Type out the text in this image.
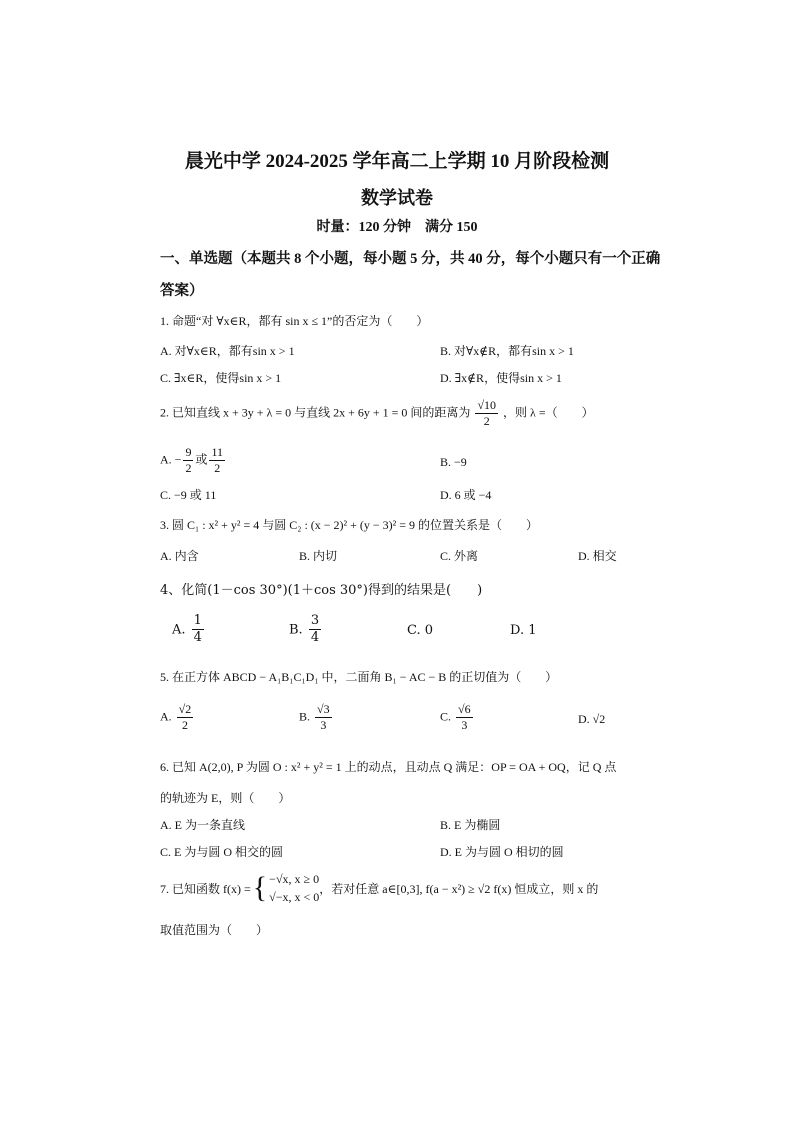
晨光中学 2024-2025 学年高二上学期 10 月阶段检测
数学试卷
时量：120 分钟　满分 150
一、单选题（本题共 8 个小题，每小题 5 分，共 40 分，每个小题只有一个正确
答案）
1. 命题“对 ∀x∈R，都有 sin x ≤ 1”的否定为（　　）
A. 对∀x∈R，都有sin x > 1	B. 对∀x∉R，都有sin x > 1
C. ∃x∈R，使得sin x > 1	D. ∃x∉R，使得sin x > 1
2. 已知直线 x + 3y + λ = 0 与直线 2x + 6y + 1 = 0 间的距离为 $\frac{√10}{2}$ ，则 λ =（　　）
A. − $\frac{9}{2}$ 或 $\frac{11}{2}$	B. −9
C. −9 或 11	D. 6 或 −4
3. 圆 C₁ : x² + y² = 4 与圆 C₂ : (x − 2)² + (y − 3)² = 9 的位置关系是（　　）
A. 内含	B. 内切	C. 外离	D. 相交
4、化简(1－cos 30°)(1＋cos 30°)得到的结果是(　　)
A. $\frac{1}{4}$	B. $\frac{3}{4}$	C. 0	D. 1
5. 在正方体 ABCD − A₁B₁C₁D₁ 中，二面角 B₁ − AC − B 的正切值为（　　）
A. $\frac{√2}{2}$	B. $\frac{√3}{3}$	C. $\frac{√6}{3}$	D. √2
6. 已知 A(2,0), P 为圆 O : x² + y² = 1 上的动点，且动点 Q 满足：OP = OA + OQ，记 Q 点
的轨迹为 E，则（　　）
A. E 为一条直线	B. E 为椭圆
C. E 为与圆 O 相交的圆	D. E 为与圆 O 相切的圆
7. 已知函数 f(x) = { −√x, x ≥ 0
√−x, x < 0
，若对任意 a∈[0,3], f(a − x²) ≥ √2 f(x) 恒成立，则 x 的
取值范围为（　　）
